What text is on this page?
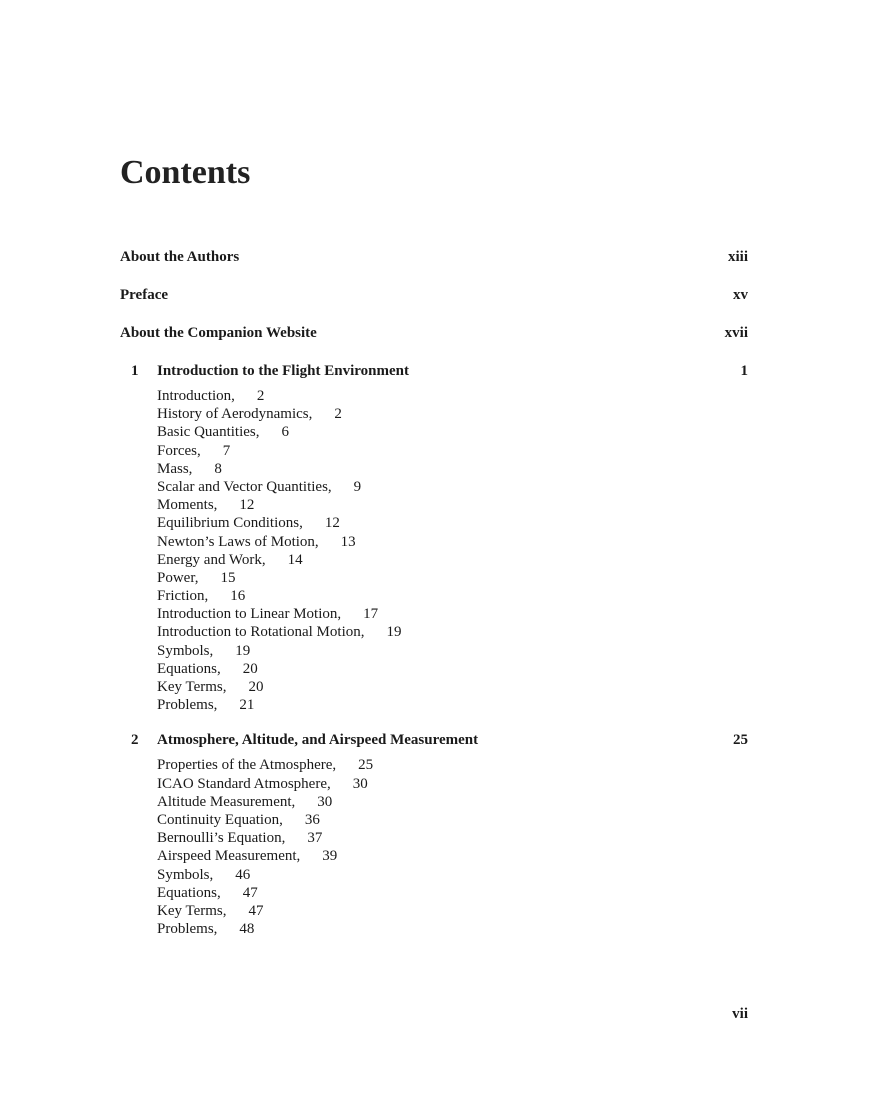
Contents
About the Authors	xiii
Preface	xv
About the Companion Website	xvii
1	Introduction to the Flight Environment	1
Introduction, 2
History of Aerodynamics, 2
Basic Quantities, 6
Forces, 7
Mass, 8
Scalar and Vector Quantities, 9
Moments, 12
Equilibrium Conditions, 12
Newton’s Laws of Motion, 13
Energy and Work, 14
Power, 15
Friction, 16
Introduction to Linear Motion, 17
Introduction to Rotational Motion, 19
Symbols, 19
Equations, 20
Key Terms, 20
Problems, 21
2	Atmosphere, Altitude, and Airspeed Measurement	25
Properties of the Atmosphere, 25
ICAO Standard Atmosphere, 30
Altitude Measurement, 30
Continuity Equation, 36
Bernoulli’s Equation, 37
Airspeed Measurement, 39
Symbols, 46
Equations, 47
Key Terms, 47
Problems, 48
vii
